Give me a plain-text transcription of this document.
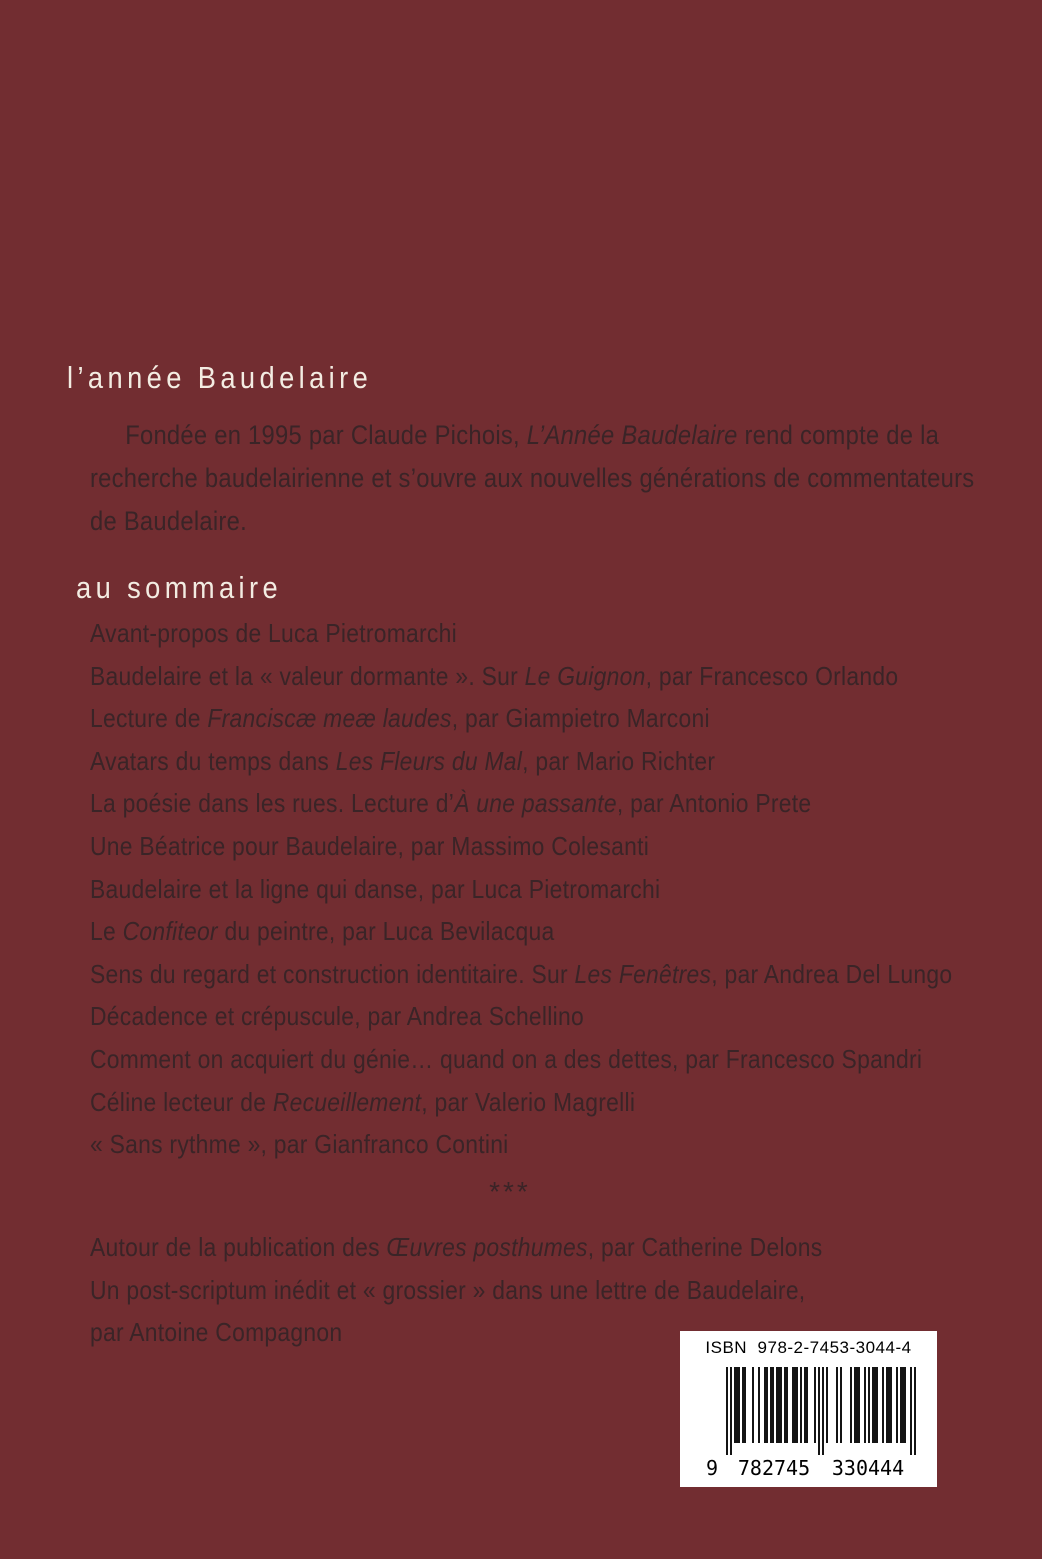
l’année Baudelaire
Fondée en 1995 par Claude Pichois, L’Année Baudelaire rend compte de la
recherche baudelairienne et s’ouvre aux nouvelles générations de commentateurs
de Baudelaire.
au sommaire
Avant-propos de Luca Pietromarchi
Baudelaire et la « valeur dormante ». Sur Le Guignon, par Francesco Orlando
Lecture de Franciscæ meæ laudes, par Giampietro Marconi
Avatars du temps dans Les Fleurs du Mal, par Mario Richter
La poésie dans les rues. Lecture d’À une passante, par Antonio Prete
Une Béatrice pour Baudelaire, par Massimo Colesanti
Baudelaire et la ligne qui danse, par Luca Pietromarchi
Le Confiteor du peintre, par Luca Bevilacqua
Sens du regard et construction identitaire. Sur Les Fenêtres, par Andrea Del Lungo
Décadence et crépuscule, par Andrea Schellino
Comment on acquiert du génie… quand on a des dettes, par Francesco Spandri
Céline lecteur de Recueillement, par Valerio Magrelli
« Sans rythme », par Gianfranco Contini
***
Autour de la publication des Œuvres posthumes, par Catherine Delons
Un post-scriptum inédit et « grossier » dans une lettre de Baudelaire,
par Antoine Compagnon
ISBN  978-2-7453-3044-4
9 782745 330444
